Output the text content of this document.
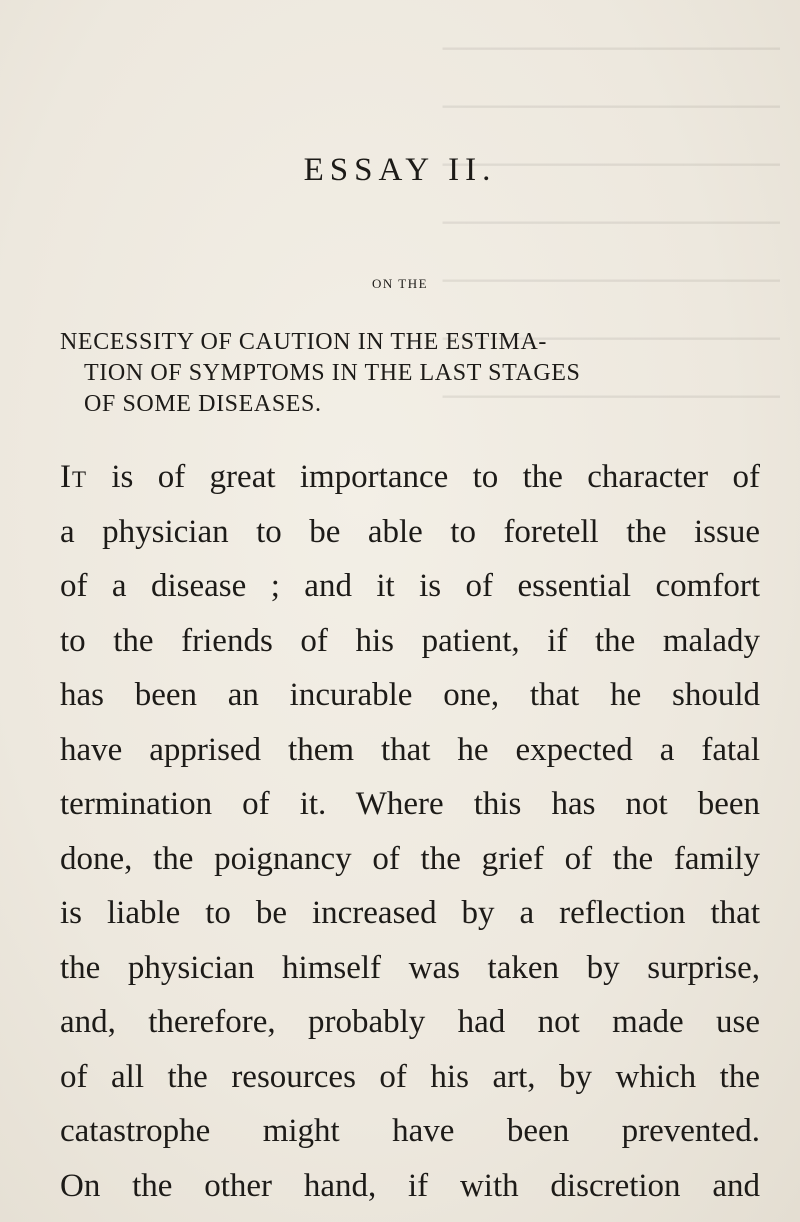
──────────────
──────────────
──────────────
──────────────
──────────────
──────────────
──────────────
ESSAY II.
ON THE
NECESSITY OF CAUTION IN THE ESTIMA-
TION OF SYMPTOMS IN THE LAST STAGES
OF SOME DISEASES.
It is of great importance to the character of
a physician to be able to foretell the issue
of a disease ; and it is of essential comfort
to the friends of his patient, if the malady
has been an incurable one, that he should
have apprised them that he expected a fatal
termination of it. Where this has not been
done, the poignancy of the grief of the family
is liable to be increased by a reflection that
the physician himself was taken by surprise,
and, therefore, probably had not made use
of all the resources of his art, by which the
catastrophe might have been prevented.
On the other hand, if with discretion and
